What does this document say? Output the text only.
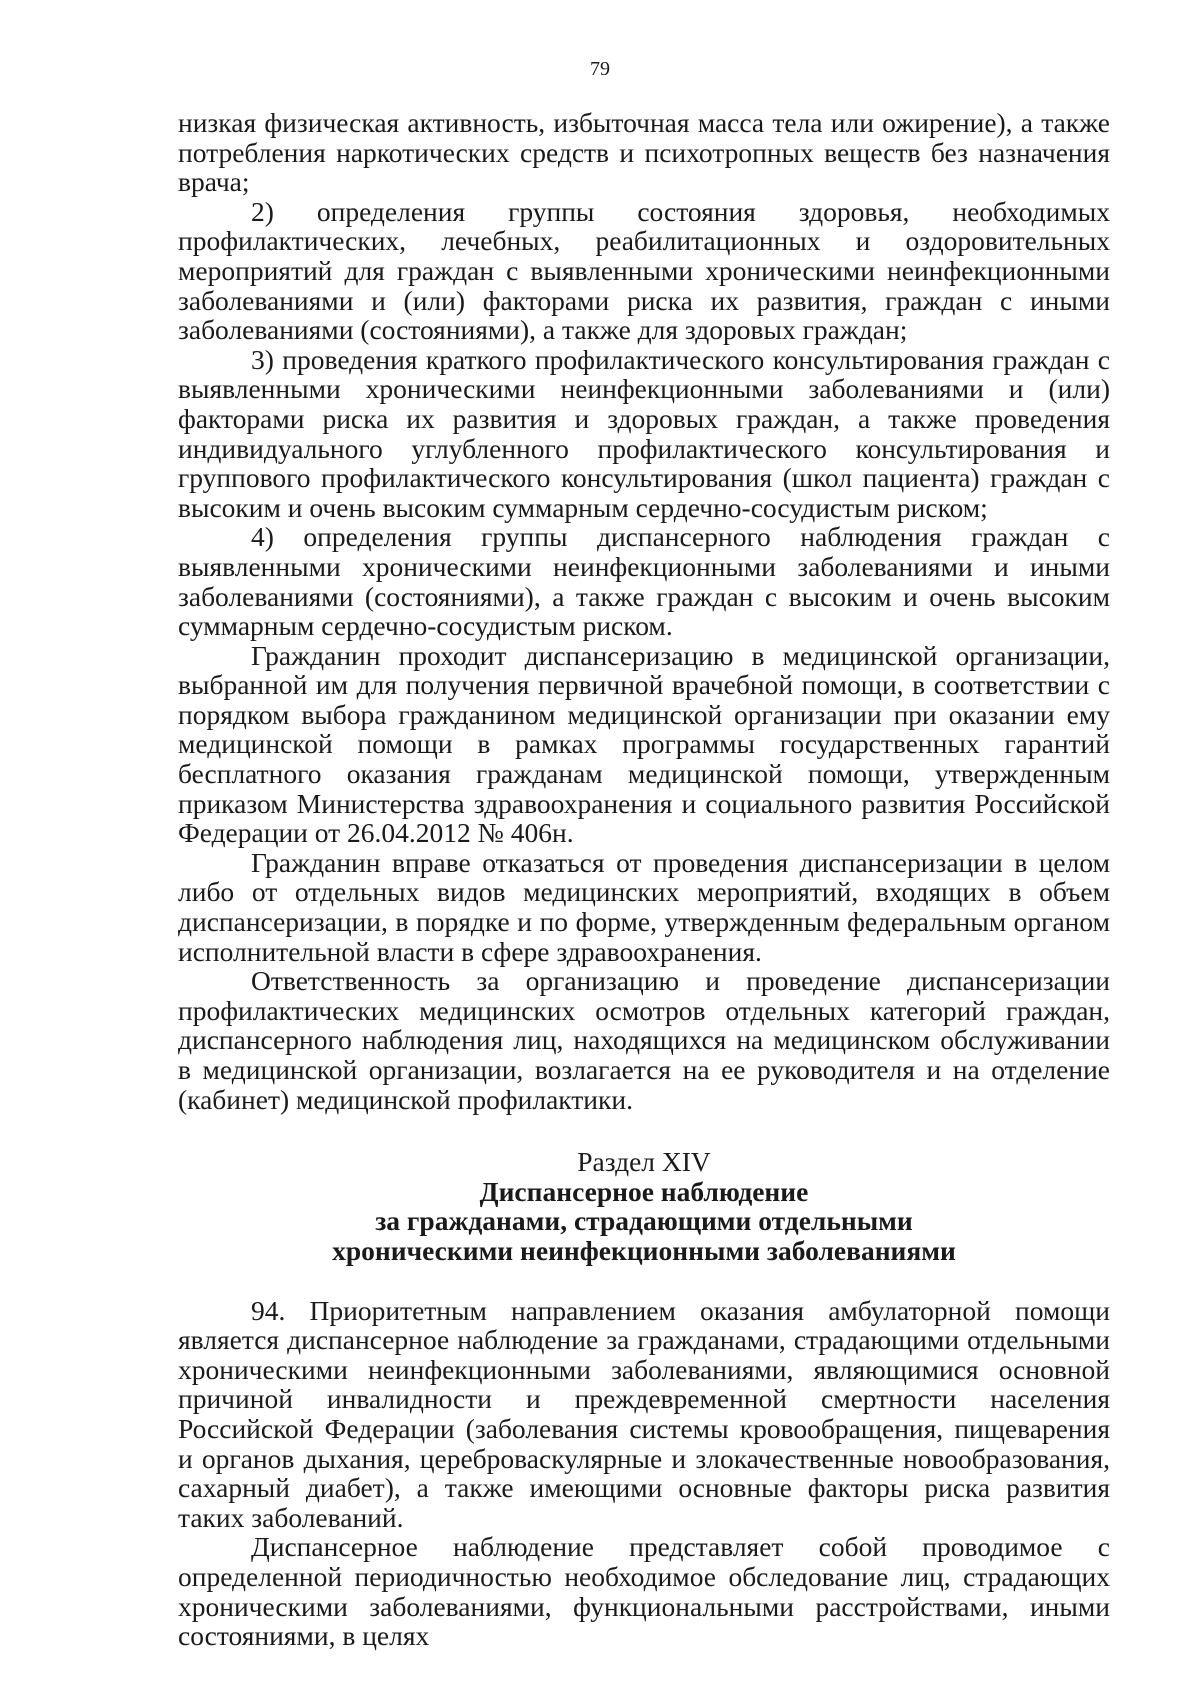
79

низкая физическая активность, избыточная масса тела или ожирение), а также потребления наркотических средств и психотропных веществ без назначения врача;

2) определения группы состояния здоровья, необходимых профилактических, лечебных, реабилитационных и оздоровительных мероприятий для граждан с выявленными хроническими неинфекционными заболеваниями и (или) факторами риска их развития, граждан с иными заболеваниями (состояниями), а также для здоровых граждан;

3) проведения краткого профилактического консультирования граждан с выявленными хроническими неинфекционными заболеваниями и (или) факторами риска их развития и здоровых граждан, а также проведения индивидуального углубленного профилактического консультирования и группового профилактического консультирования (школ пациента) граждан с высоким и очень высоким суммарным сердечно-сосудистым риском;

4) определения группы диспансерного наблюдения граждан с выявленными хроническими неинфекционными заболеваниями и иными заболеваниями (состояниями), а также граждан с высоким и очень высоким суммарным сердечно-сосудистым риском.

Гражданин проходит диспансеризацию в медицинской организации, выбранной им для получения первичной врачебной помощи, в соответствии с порядком выбора гражданином медицинской организации при оказании ему медицинской помощи в рамках программы государственных гарантий бесплатного оказания гражданам медицинской помощи, утвержденным приказом Министерства здравоохранения и социального развития Российской Федерации от 26.04.2012 № 406н.

Гражданин вправе отказаться от проведения диспансеризации в целом либо от отдельных видов медицинских мероприятий, входящих в объем диспансеризации, в порядке и по форме, утвержденным федеральным органом исполнительной власти в сфере здравоохранения.

Ответственность за организацию и проведение диспансеризации профилактических медицинских осмотров отдельных категорий граждан, диспансерного наблюдения лиц, находящихся на медицинском обслуживании в медицинской организации, возлагается на ее руководителя и на отделение (кабинет) медицинской профилактики.

Раздел XIV
Диспансерное наблюдение
за гражданами, страдающими отдельными
хроническими неинфекционными заболеваниями

94. Приоритетным направлением оказания амбулаторной помощи является диспансерное наблюдение за гражданами, страдающими отдельными хроническими неинфекционными заболеваниями, являющимися основной причиной инвалидности и преждевременной смертности населения Российской Федерации (заболевания системы кровообращения, пищеварения и органов дыхания, цереброваскулярные и злокачественные новообразования, сахарный диабет), а также имеющими основные факторы риска развития таких заболеваний.

Диспансерное наблюдение представляет собой проводимое с определенной периодичностью необходимое обследование лиц, страдающих хроническими заболеваниями, функциональными расстройствами, иными состояниями, в целях
